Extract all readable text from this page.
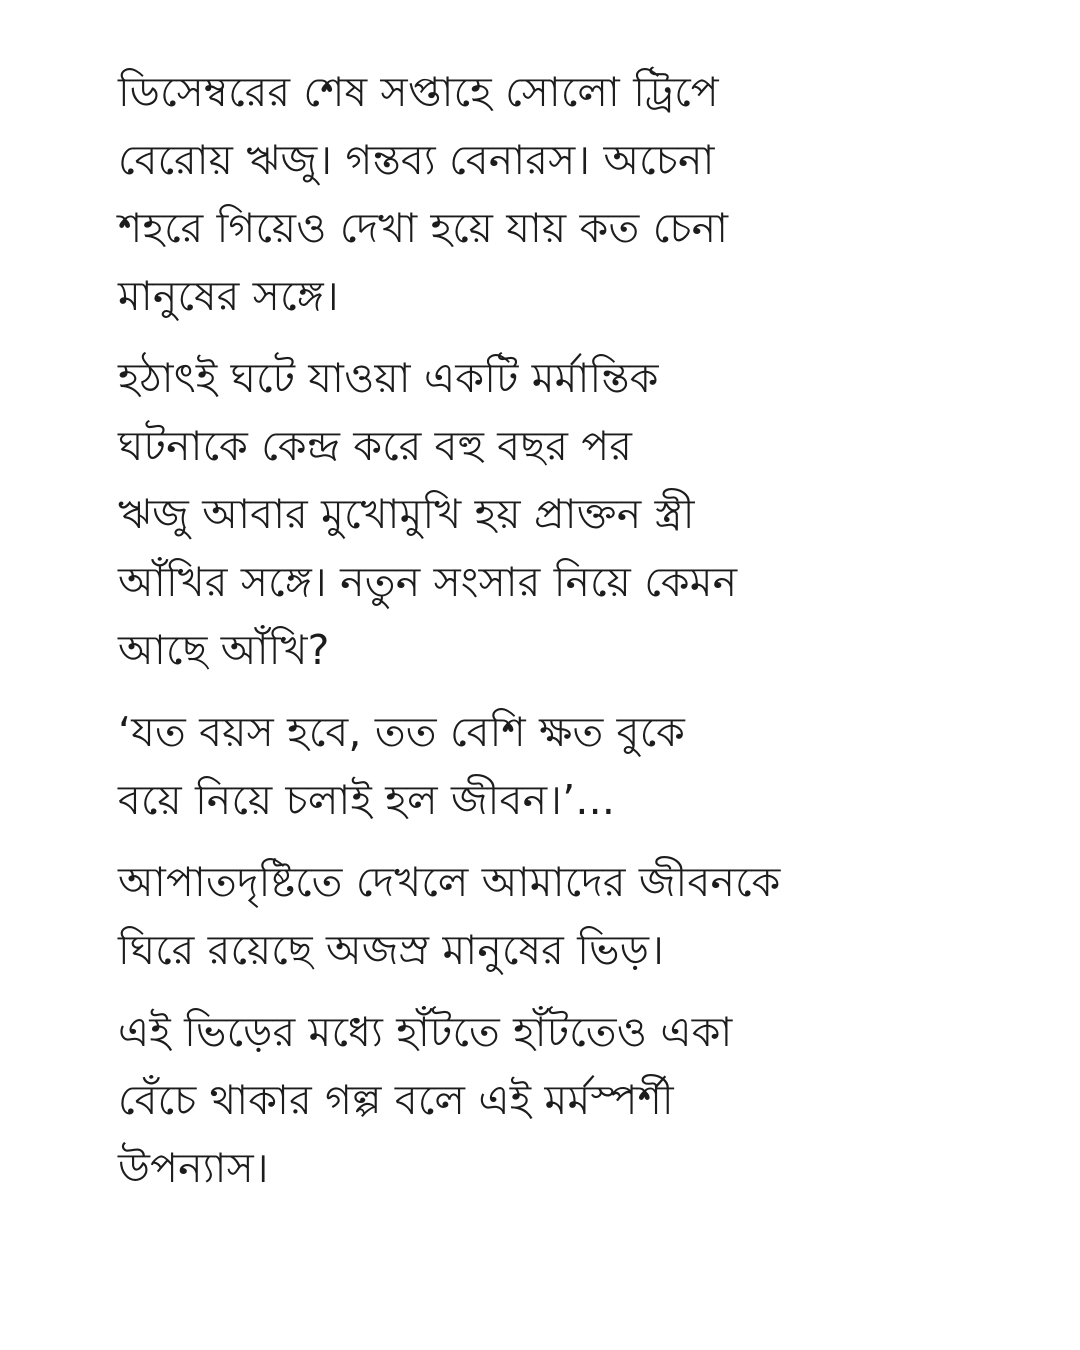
ডিসেম্বরের শেষ সপ্তাহে সোলো ট্রিপে
বেরোয় ঋজু। গন্তব্য বেনারস। অচেনা
শহরে গিয়েও দেখা হয়ে যায় কত চেনা
মানুষের সঙ্গে।

হঠাৎই ঘটে যাওয়া একটি মর্মান্তিক
ঘটনাকে কেন্দ্র করে বহু বছর পর
ঋজু আবার মুখোমুখি হয় প্রাক্তন স্ত্রী
আঁখির সঙ্গে। নতুন সংসার নিয়ে কেমন
আছে আঁখি?

‘যত বয়স হবে, তত বেশি ক্ষত বুকে
বয়ে নিয়ে চলাই হল জীবন।’...

আপাতদৃষ্টিতে দেখলে আমাদের জীবনকে
ঘিরে রয়েছে অজস্র মানুষের ভিড়।

এই ভিড়ের মধ্যে হাঁটতে হাঁটতেও একা
বেঁচে থাকার গল্প বলে এই মর্মস্পর্শী
উপন্যাস।
